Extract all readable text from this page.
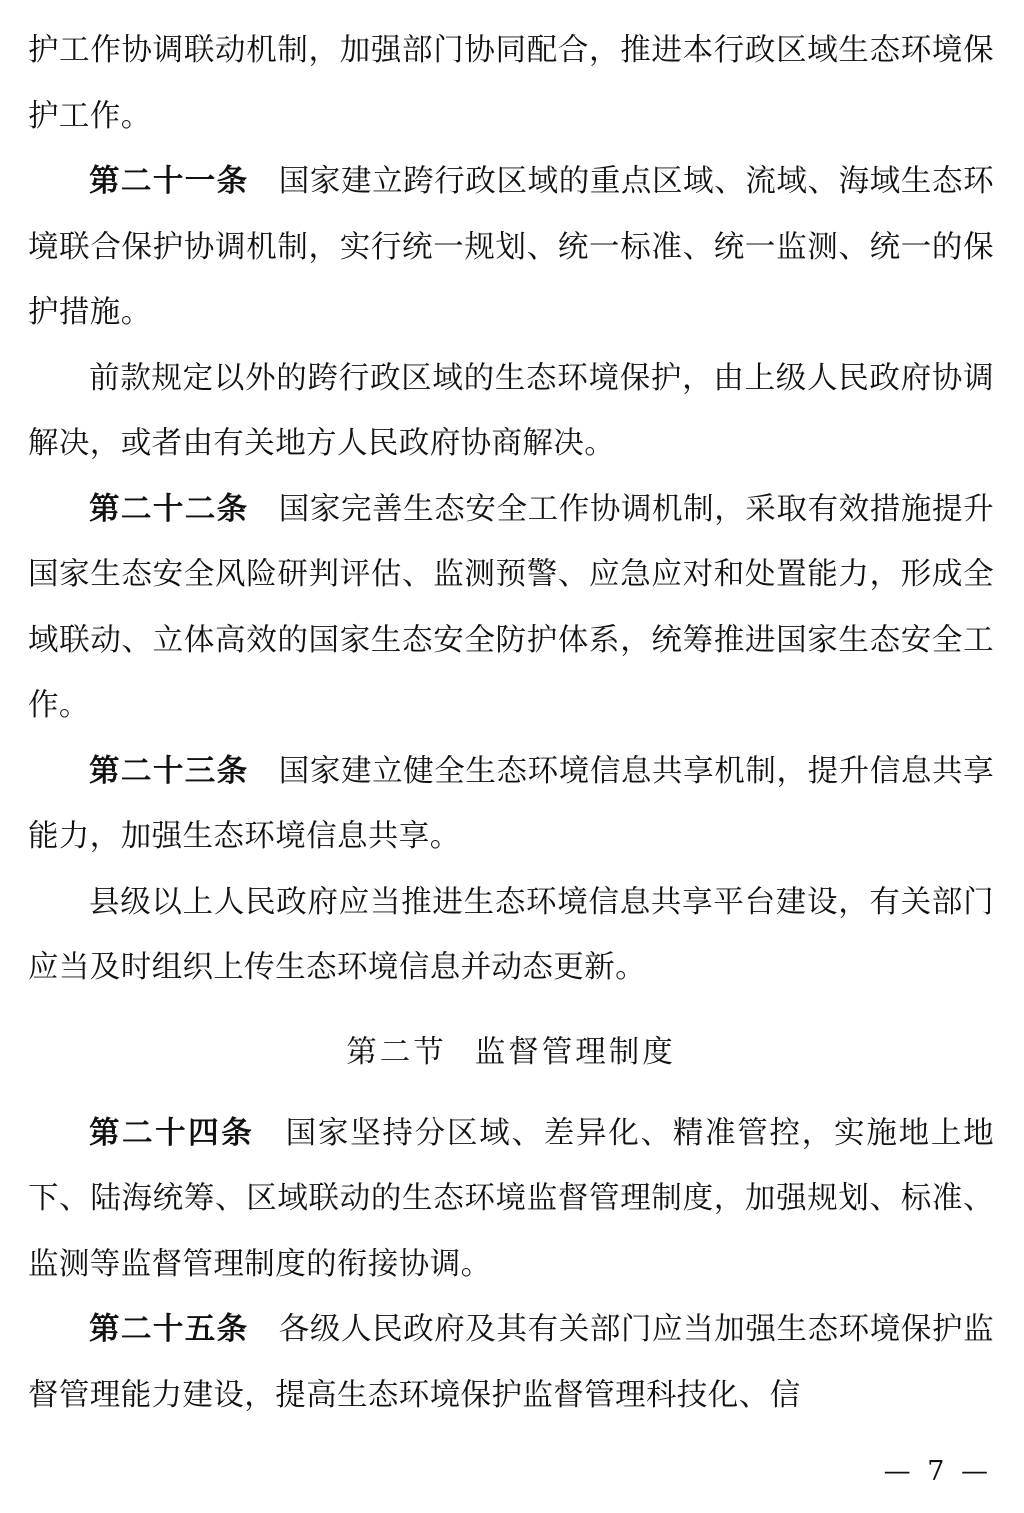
护工作协调联动机制，加强部门协同配合，推进本行政区域生态环境保护工作。

第二十一条 国家建立跨行政区域的重点区域、流域、海域生态环境联合保护协调机制，实行统一规划、统一标准、统一监测、统一的保护措施。

前款规定以外的跨行政区域的生态环境保护，由上级人民政府协调解决，或者由有关地方人民政府协商解决。

第二十二条 国家完善生态安全工作协调机制，采取有效措施提升国家生态安全风险研判评估、监测预警、应急应对和处置能力，形成全域联动、立体高效的国家生态安全防护体系，统筹推进国家生态安全工作。

第二十三条 国家建立健全生态环境信息共享机制，提升信息共享能力，加强生态环境信息共享。

县级以上人民政府应当推进生态环境信息共享平台建设，有关部门应当及时组织上传生态环境信息并动态更新。

第二节 监督管理制度

第二十四条 国家坚持分区域、差异化、精准管控，实施地上地下、陆海统筹、区域联动的生态环境监督管理制度，加强规划、标准、监测等监督管理制度的衔接协调。

第二十五条 各级人民政府及其有关部门应当加强生态环境保护监督管理能力建设，提高生态环境保护监督管理科技化、信

— 7 —
